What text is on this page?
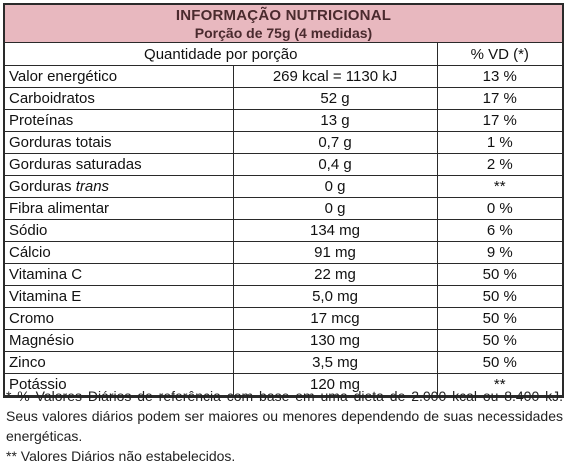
INFORMAÇÃO NUTRICIONAL
Porção de 75g (4 medidas)
Quantidade por porção		% VD (*)
Valor energético	269 kcal = 1130 kJ	13 %
Carboidratos	52 g	17 %
Proteínas	13 g	17 %
Gorduras totais	0,7 g	1 %
Gorduras saturadas	0,4 g	2 %
Gorduras trans	0 g	**
Fibra alimentar	0 g	0 %
Sódio	134 mg	6 %
Cálcio	91 mg	9 %
Vitamina C	22 mg	50 %
Vitamina E	5,0 mg	50 %
Cromo	17 mcg	50 %
Magnésio	130 mg	50 %
Zinco	3,5 mg	50 %
Potássio	120 mg	**

* % Valores Diários de referência com base em uma dieta de 2.000 kcal ou 8.400 kJ. Seus valores diários podem ser maiores ou menores dependendo de suas necessidades energéticas.

** Valores Diários não estabelecidos.
